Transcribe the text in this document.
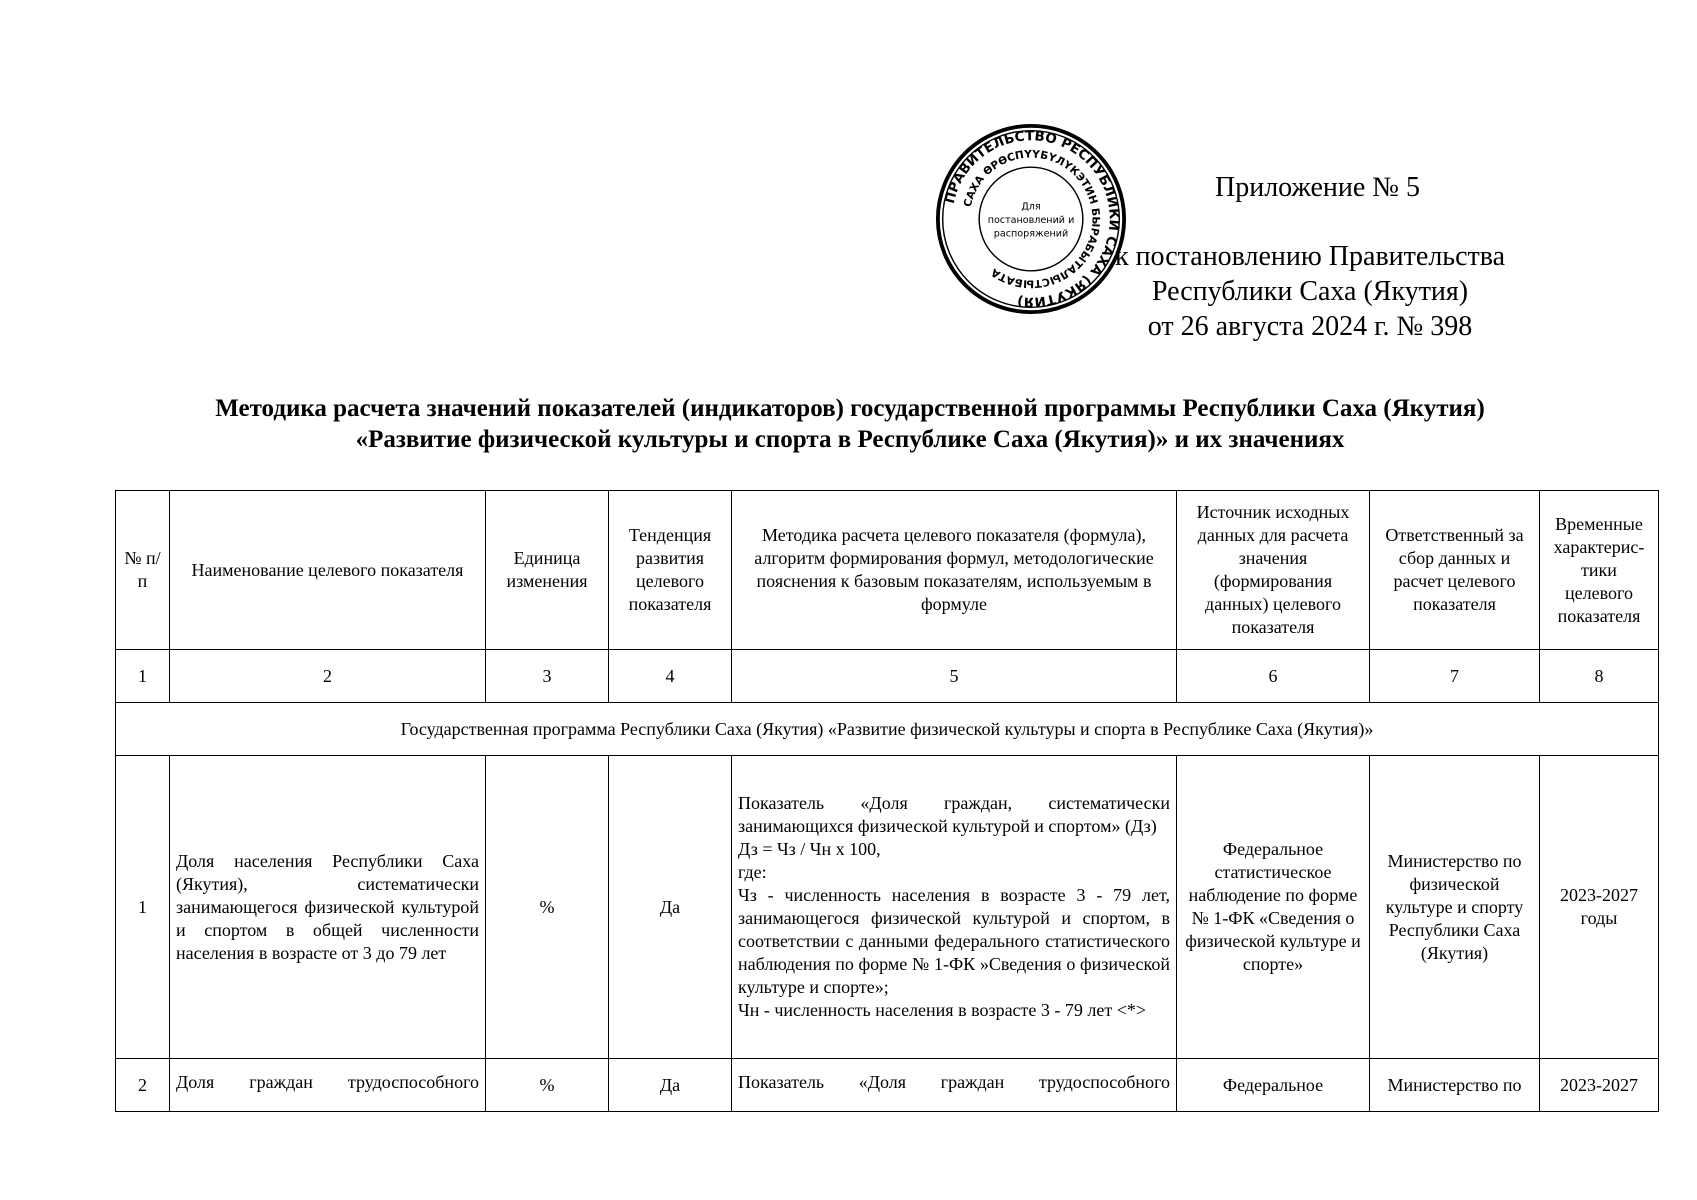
ПРАВИТЕЛЬСТВО РЕСПУБЛИКИ САХА (ЯКУТИЯ)
САХА ӨРӨСПҮҮБҮЛҮКЭТИН БЫРАБЫТАЛЫСТЫБАТА
Для
постановлений и
распоряжений
Приложение № 5
к постановлению Правительства
Республики Саха (Якутия)
от 26 августа 2024 г. № 398
Методика расчета значений показателей (индикаторов) государственной программы Республики Саха (Якутия)
«Развитие физической культуры и спорта в Республике Саха (Якутия)» и их значениях
№ п/п	Наименование целевого показателя	Единица изменения	Тенденция развития целевого показателя	Методика расчета целевого показателя (формула), алгоритм формирования формул, методологические пояснения к базовым показателям, используемым в формуле	Источник исходных данных для расчета значения (формирования данных) целевого показателя	Ответственный за сбор данных и расчет целевого показателя	Временные характерис-тики целевого показателя
1	2	3	4	5	6	7	8
Государственная программа Республики Саха (Якутия) «Развитие физической культуры и спорта в Республике Саха (Якутия)»							
1	Доля населения Республики Саха (Якутия), систематически занимающегося физической культурой и спортом в общей численности населения в возрасте от 3 до 79 лет	%	Да	Показатель «Доля граждан, систематически занимающихся физической культурой и спортом» (Дз)
Дз = Чз / Чн x 100,
где:
Чз - численность населения в возрасте 3 - 79 лет, занимающегося физической культурой и спортом, в соответствии с данными федерального статистического наблюдения по форме № 1-ФК »Сведения о физической культуре и спорте»;
Чн - численность населения в возрасте 3 - 79 лет <*>	Федеральное статистическое наблюдение по форме № 1-ФК «Сведения о физической культуре и спорте»	Министерство по физической культуре и спорту Республики Саха (Якутия)	2023-2027 годы
2	Доля граждан трудоспособного	%	Да	Показатель «Доля граждан трудоспособного	Федеральное	Министерство по	2023-2027
